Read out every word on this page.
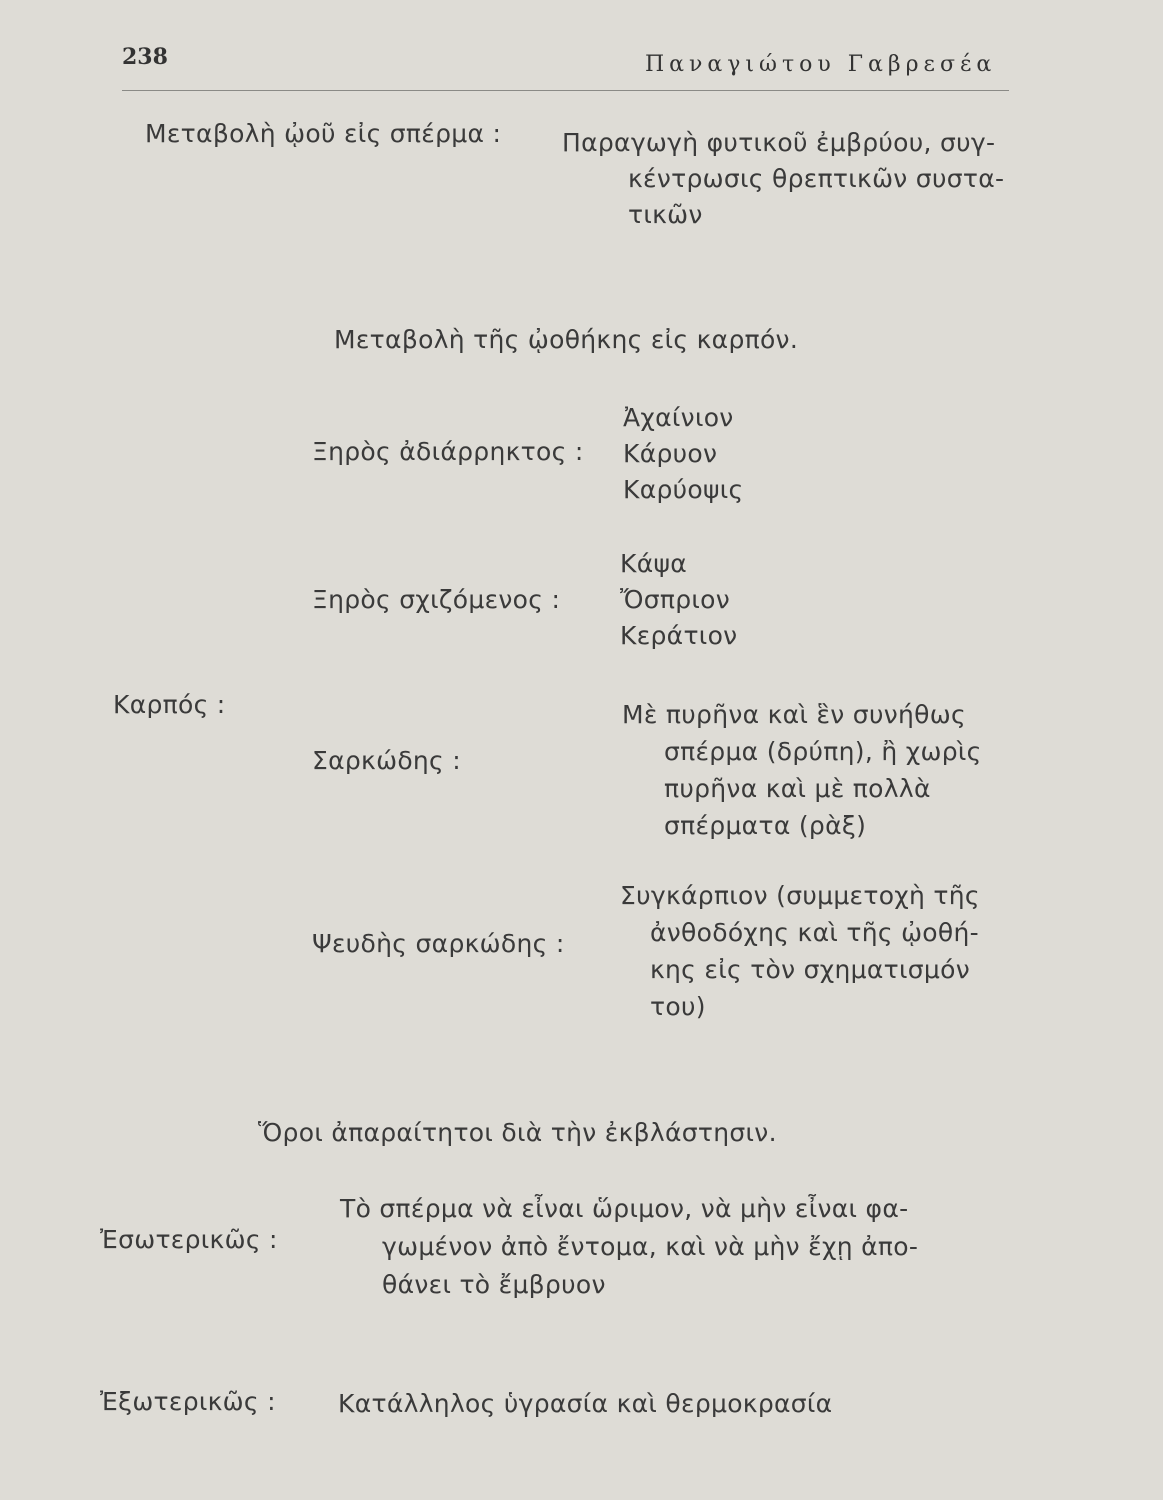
238	Παναγιώτου Γαβρεσέα
Μεταβολὴ ᾠοῦ εἰς σπέρμα : Παραγωγὴ φυτικοῦ ἐμβρύου, συγ-
κέντρωσις θρεπτικῶν συστα-
τικῶν
Μεταβολὴ τῆς ᾠοθήκης εἰς καρπόν.
Καρπός :
Ξηρὸς ἀδιάρρηκτος :
Ἀχαίνιον
Κάρυον
Καρύοψις
Ξηρὸς σχιζόμενος :
Κάψα
Ὄσπριον
Κεράτιον
Σαρκώδης :
Μὲ πυρῆνα καὶ ἓν συνήθως
σπέρμα (δρύπη), ἢ χωρὶς
πυρῆνα καὶ μὲ πολλὰ
σπέρματα (ρὰξ)
Ψευδὴς σαρκώδης :
Συγκάρπιον (συμμετοχὴ τῆς
ἀνθοδόχης καὶ τῆς ᾠοθή-
κης εἰς τὸν σχηματισμόν
του)
Ὅροι ἀπαραίτητοι διὰ τὴν ἐκβλάστησιν.
Ἐσωτερικῶς :
Τὸ σπέρμα νὰ εἶναι ὥριμον, νὰ μὴν εἶναι φα-
γωμένον ἀπὸ ἔντομα, καὶ νὰ μὴν ἔχῃ ἀπο-
θάνει τὸ ἔμβρυον
Ἐξωτερικῶς : Κατάλληλος ὑγρασία καὶ θερμοκρασία
